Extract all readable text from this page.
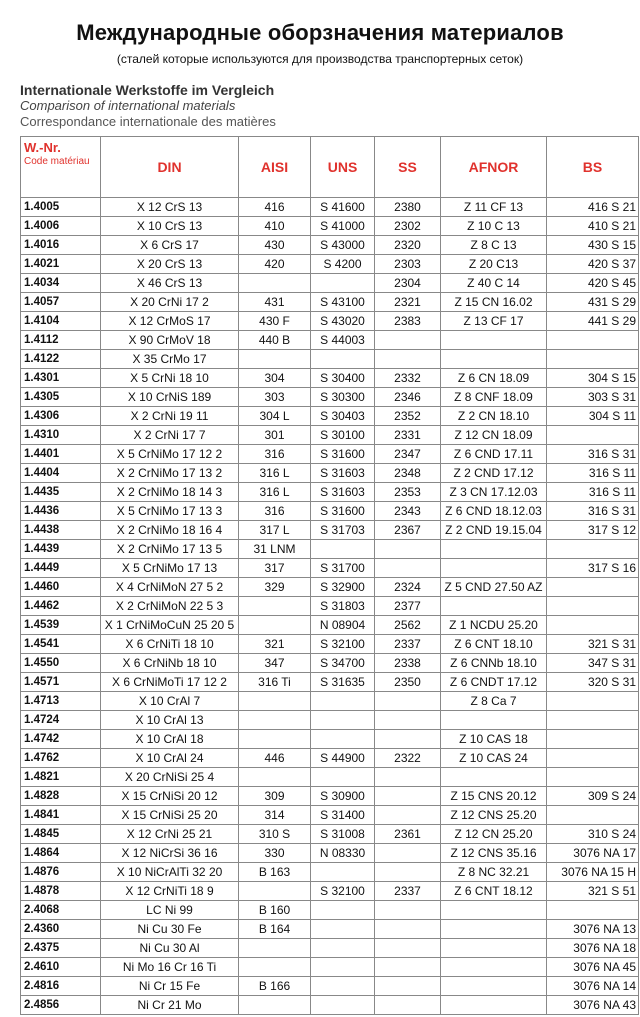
Международные оборзначения материалов
(сталей которые используются для производства транспортерных сеток)
Internationale Werkstoffe im Vergleich
Comparison of international materials
Correspondance internationale des matières
W.-Nr.
Code matériau	DIN	AISI	UNS	SS	AFNOR	BS
1.4005	X 12 CrS 13	416	S 41600	2380	Z 11 CF 13	416 S 21
1.4006	X 10 CrS 13	410	S 41000	2302	Z 10 C 13	410 S 21
1.4016	X 6 CrS 17	430	S 43000	2320	Z 8 C 13	430 S 15
1.4021	X 20 CrS 13	420	S 4200	2303	Z 20 C13	420 S 37
1.4034	X 46 CrS 13			2304	Z 40 C 14	420 S 45
1.4057	X 20 CrNi 17 2	431	S 43100	2321	Z 15 CN 16.02	431 S 29
1.4104	X 12 CrMoS 17	430 F	S 43020	2383	Z 13 CF 17	441 S 29
1.4112	X 90 CrMoV 18	440 B	S 44003			
1.4122	X 35 CrMo 17					
1.4301	X 5 CrNi 18 10	304	S 30400	2332	Z 6 CN 18.09	304 S 15
1.4305	X 10 CrNiS 189	303	S 30300	2346	Z 8 CNF 18.09	303 S 31
1.4306	X 2 CrNi 19 11	304 L	S 30403	2352	Z 2 CN 18.10	304 S 11
1.4310	X 2 CrNi 17 7	301	S 30100	2331	Z 12 CN 18.09	
1.4401	X 5 CrNiMo 17 12 2	316	S 31600	2347	Z 6 CND 17.11	316 S 31
1.4404	X 2 CrNiMo 17 13 2	316 L	S 31603	2348	Z 2 CND 17.12	316 S 11
1.4435	X 2 CrNiMo 18 14 3	316 L	S 31603	2353	Z 3 CN 17.12.03	316 S 11
1.4436	X 5 CrNiMo 17 13 3	316	S 31600	2343	Z 6 CND 18.12.03	316 S 31
1.4438	X 2 CrNiMo 18 16 4	317 L	S 31703	2367	Z 2 CND 19.15.04	317 S 12
1.4439	X 2 CrNiMo 17 13 5	31 LNM				
1.4449	X 5 CrNiMo 17 13	317	S 31700			317 S 16
1.4460	X 4 CrNiMoN 27 5 2	329	S 32900	2324	Z 5 CND 27.50 AZ	
1.4462	X 2 CrNiMoN 22 5 3		S 31803	2377		
1.4539	X 1 CrNiMoCuN 25 20 5		N 08904	2562	Z 1 NCDU 25.20	
1.4541	X 6 CrNiTi 18 10	321	S 32100	2337	Z 6 CNT 18.10	321 S 31
1.4550	X 6 CrNiNb 18 10	347	S 34700	2338	Z 6 CNNb 18.10	347 S 31
1.4571	X 6 CrNiMoTi 17 12 2	316 Ti	S 31635	2350	Z 6 CNDT 17.12	320 S 31
1.4713	X 10 CrAl 7				Z 8 Ca 7	
1.4724	X 10 CrAl 13					
1.4742	X 10 CrAl 18				Z 10 CAS 18	
1.4762	X 10 CrAl 24	446	S 44900	2322	Z 10 CAS 24	
1.4821	X 20 CrNiSi 25 4					
1.4828	X 15 CrNiSi 20 12	309	S 30900		Z 15 CNS 20.12	309 S 24
1.4841	X 15 CrNiSi 25 20	314	S 31400		Z 12 CNS 25.20	
1.4845	X 12 CrNi 25 21	310 S	S 31008	2361	Z 12 CN 25.20	310 S 24
1.4864	X 12 NiCrSi 36 16	330	N 08330		Z 12 CNS 35.16	3076 NA 17
1.4876	X 10 NiCrAlTi 32 20	B 163			Z 8 NC 32.21	3076 NA 15 H
1.4878	X 12 CrNiTi 18 9		S 32100	2337	Z 6 CNT 18.12	321 S 51
2.4068	LC Ni 99	B 160				
2.4360	Ni Cu 30 Fe	B 164				3076 NA 13
2.4375	Ni Cu 30 Al					3076 NA 18
2.4610	Ni Mo 16 Cr 16 Ti					3076 NA 45
2.4816	Ni Cr 15 Fe	B 166				3076 NA 14
2.4856	Ni Cr 21 Mo					3076 NA 43
